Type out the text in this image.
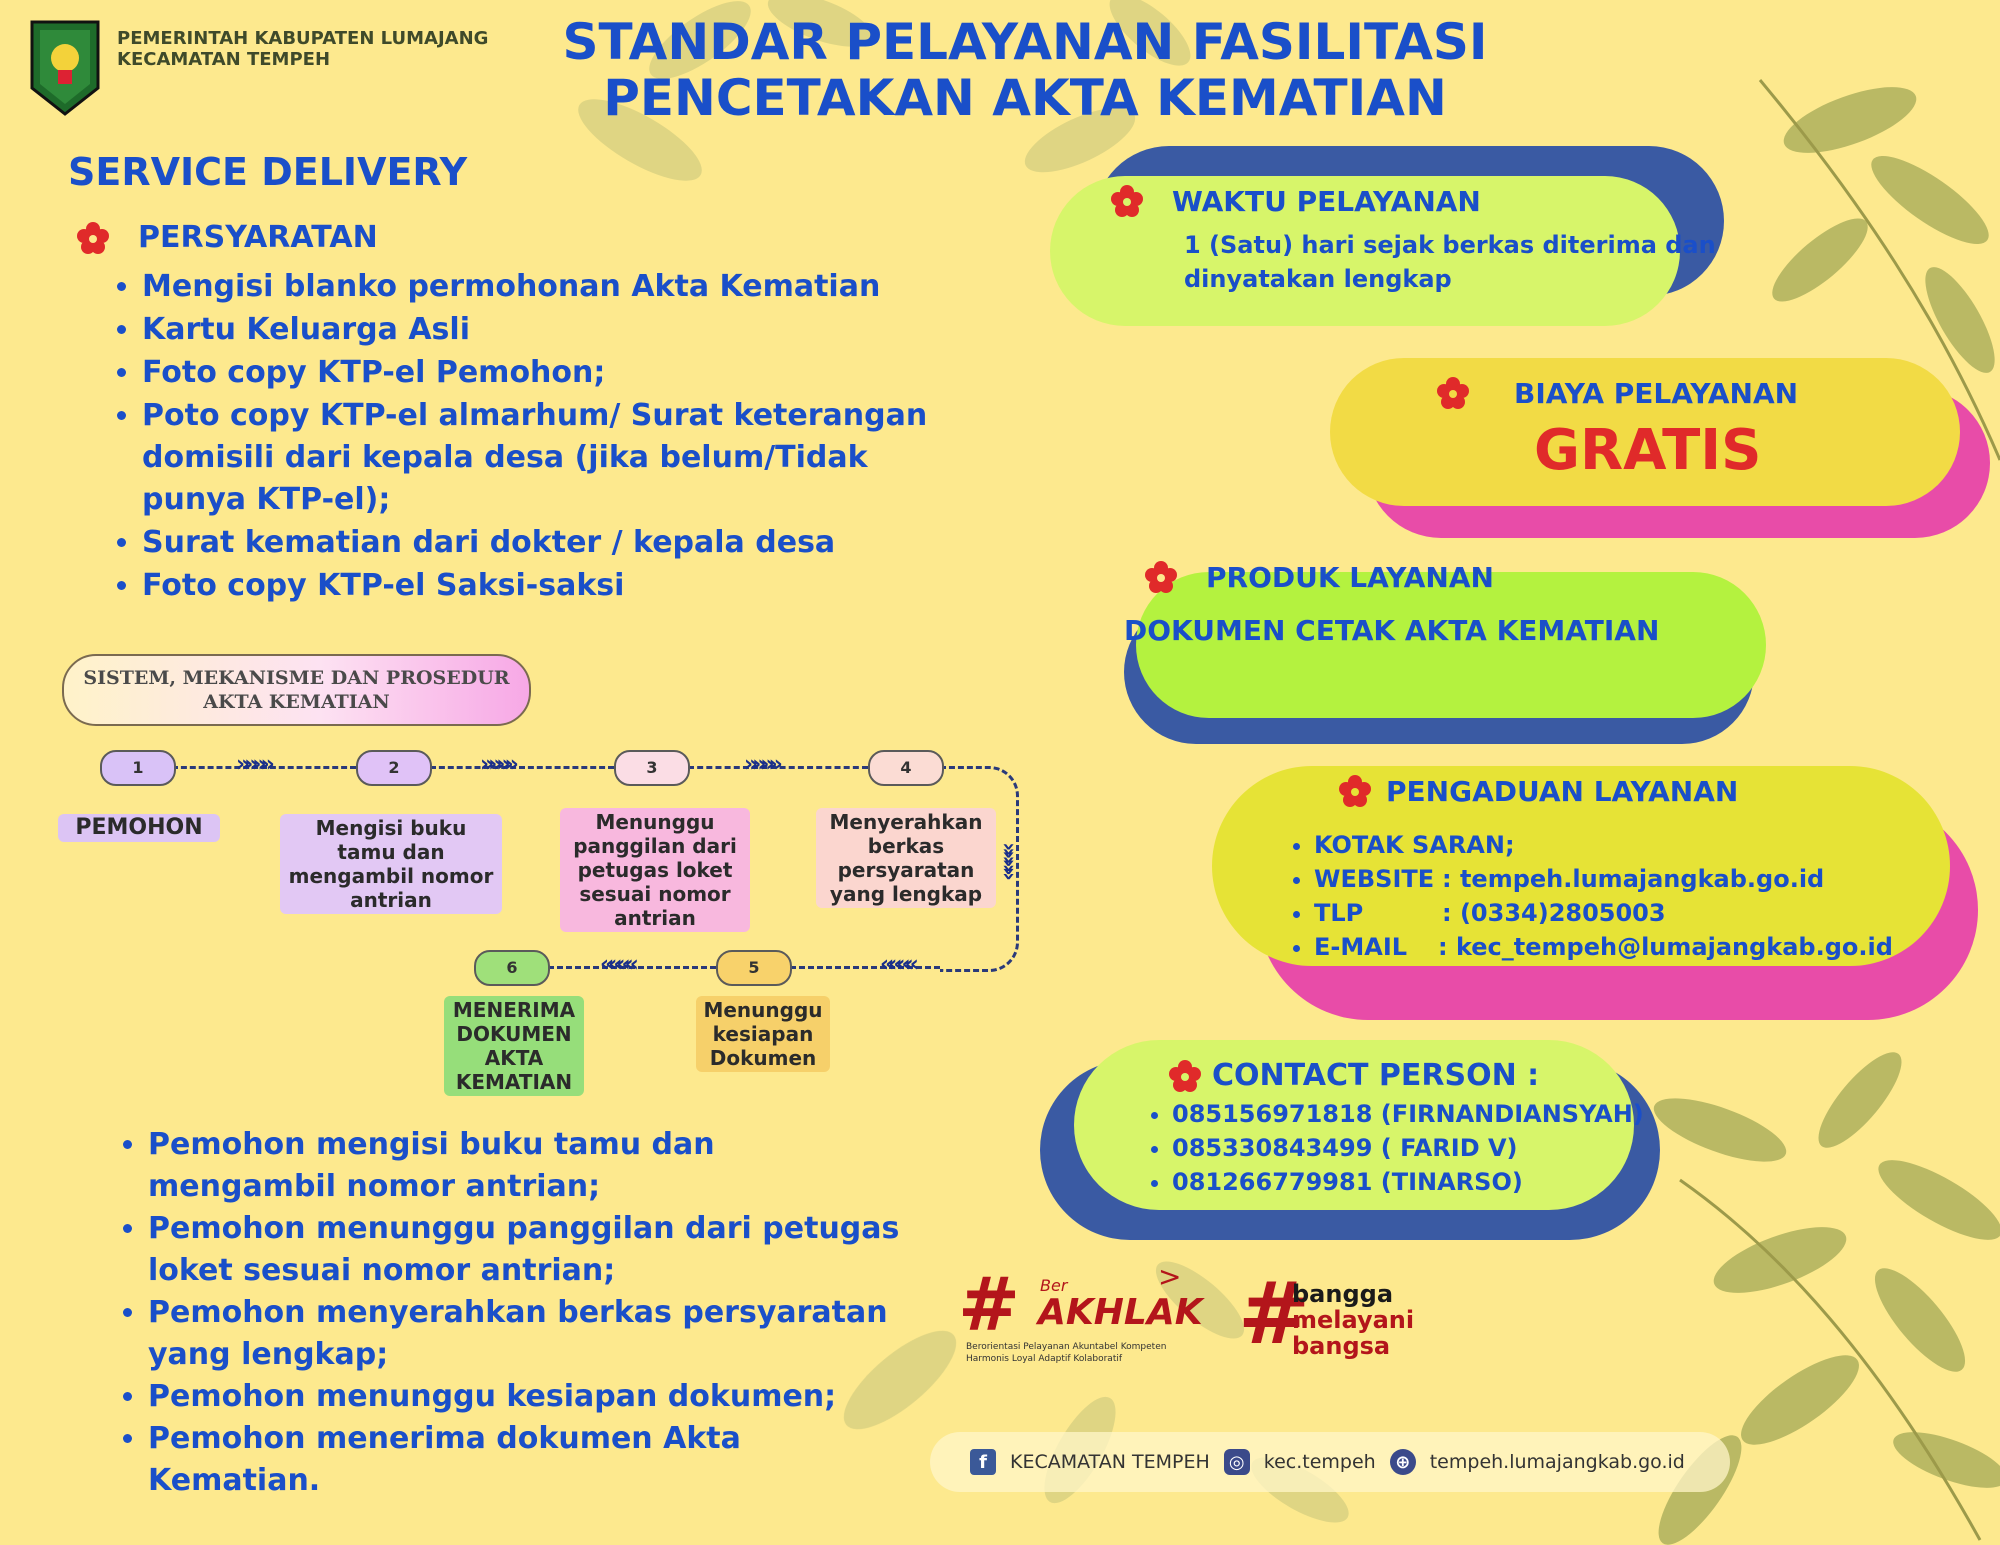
PEMERINTAH KABUPATEN LUMAJANG
KECAMATAN TEMPEH	STANDAR PELAYANAN FASILITASI
PENCETAKAN AKTA KEMATIAN
SERVICE DELIVERY
PERSYARATAN
• Mengisi blanko permohonan Akta Kematian
• Kartu Keluarga Asli
• Foto copy KTP-el Pemohon;
• Poto copy KTP-el almarhum/ Surat keterangan domisili dari kepala desa (jika belum/Tidak punya KTP-el);
• Surat kematian dari dokter / kepala desa
• Foto copy KTP-el Saksi-saksi
SISTEM, MEKANISME DAN PROSEDUR
AKTA KEMATIAN
»»»»	»»»»	»»»»
»»»»
««««
««««
1	2	3	4
5
6
PEMOHON	Mengisi buku tamu dan mengambil nomor antrian
Menunggu panggilan dari petugas loket sesuai nomor antrian
Menyerahkan berkas persyaratan yang lengkap
Menunggu kesiapan Dokumen
MENERIMA DOKUMEN AKTA KEMATIAN
• Pemohon mengisi buku tamu dan mengambil nomor antrian;
• Pemohon menunggu panggilan dari petugas loket sesuai nomor antrian;
• Pemohon menyerahkan berkas persyaratan yang lengkap;
• Pemohon menunggu kesiapan dokumen;
• Pemohon menerima dokumen Akta Kematian.
WAKTU PELAYANAN
1 (Satu) hari sejak berkas diterima dan
dinyatakan lengkap
BIAYA PELAYANAN
GRATIS
PRODUK LAYANAN
DOKUMEN CETAK AKTA KEMATIAN
PENGADUAN LAYANAN
• KOTAK SARAN;
• WEBSITE : tempeh.lumajangkab.go.id
• TLP	: (0334)2805003
• E-MAIL : kec_tempeh@lumajangkab.go.id
CONTACT PERSON :
• 085156971818 (FIRNANDIANSYAH)
• 085330843499 ( FARID V)
• 081266779981 (TINARSO)
# Ber
AKHLAK
>
Berorientasi Pelayanan Akuntabel Kompeten
Harmonis Loyal Adaptif Kolaboratif #
bangga
melayani
bangsa
f	KECAMATAN TEMPEH ◎ kec.tempeh	⊕ tempeh.lumajangkab.go.id
